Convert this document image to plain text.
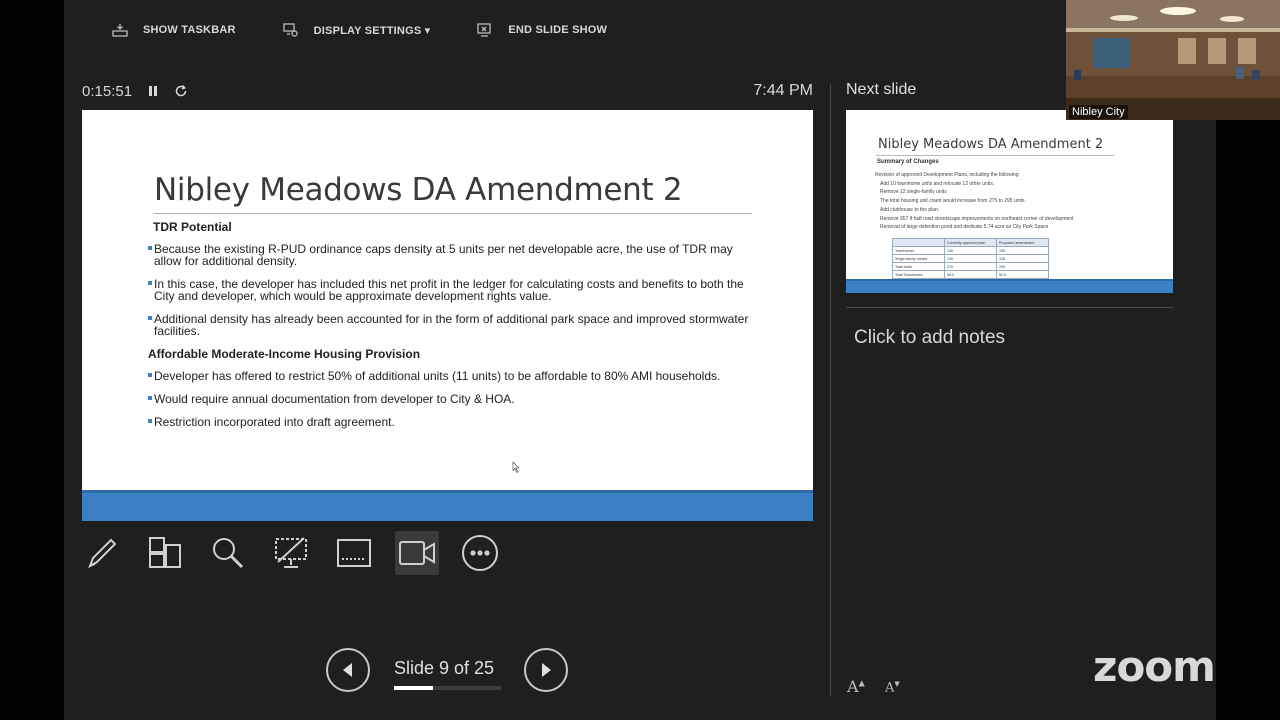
SHOW TASKBAR	DISPLAY SETTINGS ▾	END SLIDE SHOW
0:15:51	7:44 PM
Nibley Meadows DA Amendment 2
TDR Potential
Because the existing R-PUD ordinance caps density at 5 units per net developable acre, the use of TDR may allow for additional density.
In this case, the developer has included this net profit in the ledger for calculating costs and benefits to both the City and developer, which would be approximate development rights value.
Additional density has already been accounted for in the form of additional park space and improved stormwater facilities.
Affordable Moderate-Income Housing Provision
Developer has offered to restrict 50% of additional units (11 units) to be affordable to 80% AMI households.
Would require annual documentation from developer to City & HOA.
Restriction incorporated into draft agreement.
Slide 9 of 25
Next slide
Nibley Meadows DA Amendment 2
Summary of Changes
Revision of approved Development Plans, including the following:
Add 10 townhome units and relocate 12 other units.
Remove 12 single-family units
The total housing unit count would increase from 275 to 295 units.
Add clubhouse to the plan.
Remove 957 lf half road streetscape improvements on northeast corner of development
Removal of large detention pond and dedicate 5.74 acre as City Park Space
	Currently approved plan	Proposed amendment
Townhomes	145	155
Single-family homes	130	128
Total Units	275	295
Total Townhomes	50.0	52.5
Click to add notes
A▲ A▼
Nibley City
zoom
